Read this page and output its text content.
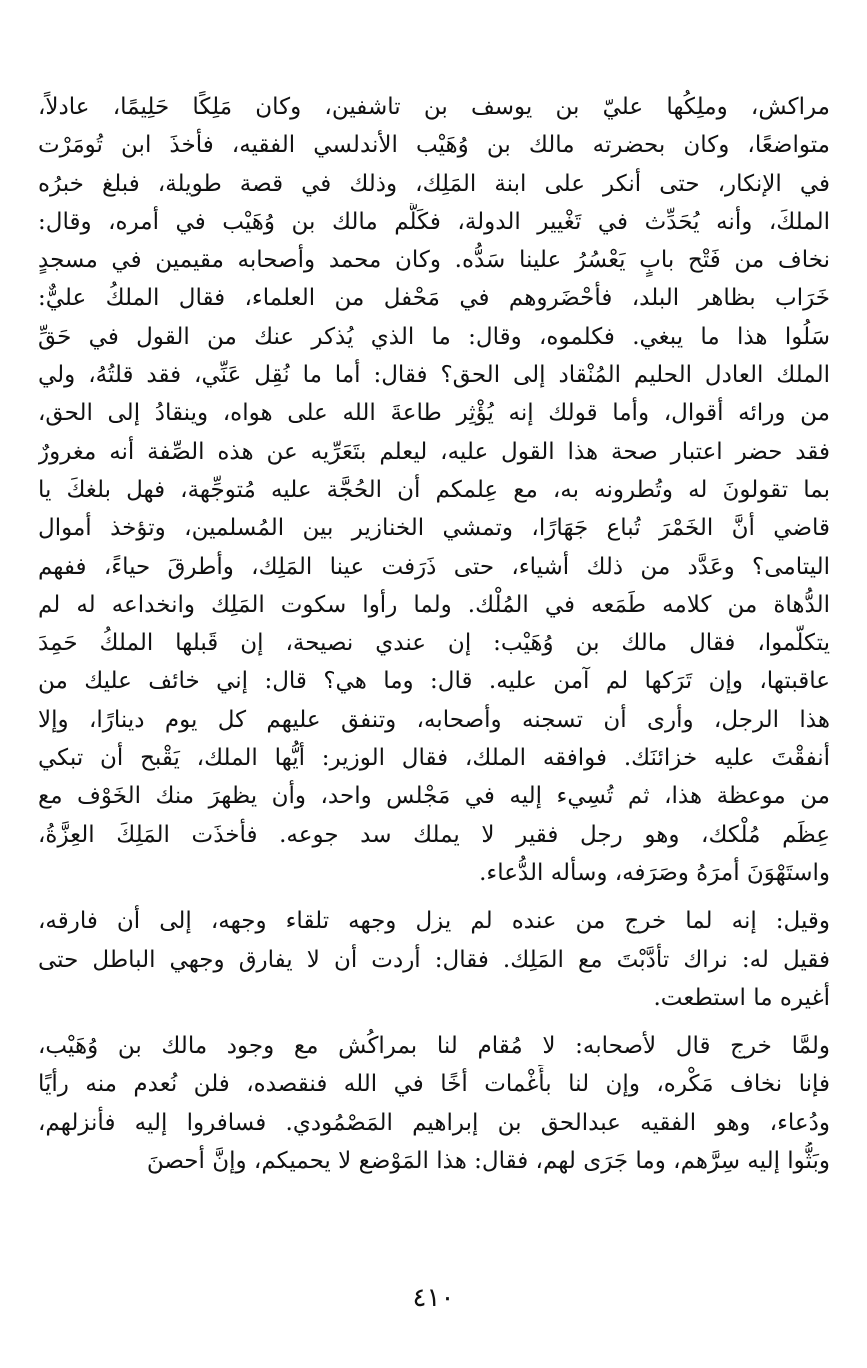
مراكش، وملِكُها عليّ بن يوسف بن تاشفين، وكان مَلِكًا حَلِيمًا، عادلاً،
متواضعًا، وكان بحضرته مالك بن وُهَيْب الأندلسي الفقيه، فأخذَ ابن تُومَرْت
في الإنكار، حتى أنكر على ابنة المَلِك، وذلك في قصة طويلة، فبلغ خبرُه
الملكَ، وأنه يُحَدِّث في تَغْيير الدولة، فكَلَّم مالك بن وُهَيْب في أمره، وقال:
نخاف من فَتْح بابٍ يَعْسُرُ علينا سَدُّه. وكان محمد وأصحابه مقيمين في مسجدٍ
خَرَاب بظاهر البلد، فأحْضَروهم في مَحْفل من العلماء، فقال الملكُ عليٌّ:
سَلُوا هذا ما يبغي. فكلموه، وقال: ما الذي يُذكر عنك من القول في حَقِّ
الملك العادل الحليم المُنْقاد إلى الحق؟ فقال: أما ما نُقِل عَنِّي، فقد قلتُهُ، ولي
من ورائه أقوال، وأما قولك إنه يُؤْثِر طاعةَ الله على هواه، وينقادُ إلى الحق،
فقد حضر اعتبار صحة هذا القول عليه، ليعلم بتَعَرِّيه عن هذه الصِّفة أنه مغرورٌ
بما تقولونَ له وتُطرونه به، مع عِلمكم أن الحُجَّة عليه مُتوجِّهة، فهل بلغكَ يا
قاضي أنَّ الخَمْرَ تُباع جَهَارًا، وتمشي الخنازير بين المُسلمين، وتؤخذ أموال
اليتامى؟ وعَدَّد من ذلك أشياء، حتى ذَرَفت عينا المَلِك، وأطرقَ حياءً، ففهم
الدُّهاة من كلامه طَمَعه في المُلْك. ولما رأوا سكوت المَلِك وانخداعه له لم
يتكلّموا، فقال مالك بن وُهَيْب: إن عندي نصيحة، إن قَبلها الملكُ حَمِدَ
عاقبتها، وإن تَرَكها لم آمن عليه. قال: وما هي؟ قال: إني خائف عليك من
هذا الرجل، وأرى أن تسجنه وأصحابه، وتنفق عليهم كل يوم دينارًا، وإلا
أنفقْتَ عليه خزائنَك. فوافقه الملك، فقال الوزير: أيُّها الملك، يَقْبح أن تبكي
من موعظة هذا، ثم تُسِيء إليه في مَجْلس واحد، وأن يظهرَ منك الخَوْف مع
عِظَم مُلْكك، وهو رجل فقير لا يملك سد جوعه. فأخذَت المَلِكَ العِزَّةُ،
واستَهْوَنَ أمرَهُ وصَرَفه، وسأله الدُّعاء.
وقيل: إنه لما خرج من عنده لم يزل وجهه تلقاء وجهه، إلى أن فارقه،
فقيل له: نراك تأدَّبْتَ مع المَلِك. فقال: أردت أن لا يفارق وجهي الباطل حتى
أغيره ما استطعت.
ولمَّا خرج قال لأصحابه: لا مُقام لنا بمراكُش مع وجود مالك بن وُهَيْب،
فإنا نخاف مَكْره، وإن لنا بأَغْمات أخًا في الله فنقصده، فلن نُعدم منه رأيًا
ودُعاء، وهو الفقيه عبدالحق بن إبراهيم المَصْمُودي. فسافروا إليه فأنزلهم،
وبَثُّوا إليه سِرَّهم، وما جَرَى لهم، فقال: هذا المَوْضع لا يحميكم، وإنَّ أحصنَ
٤١٠
